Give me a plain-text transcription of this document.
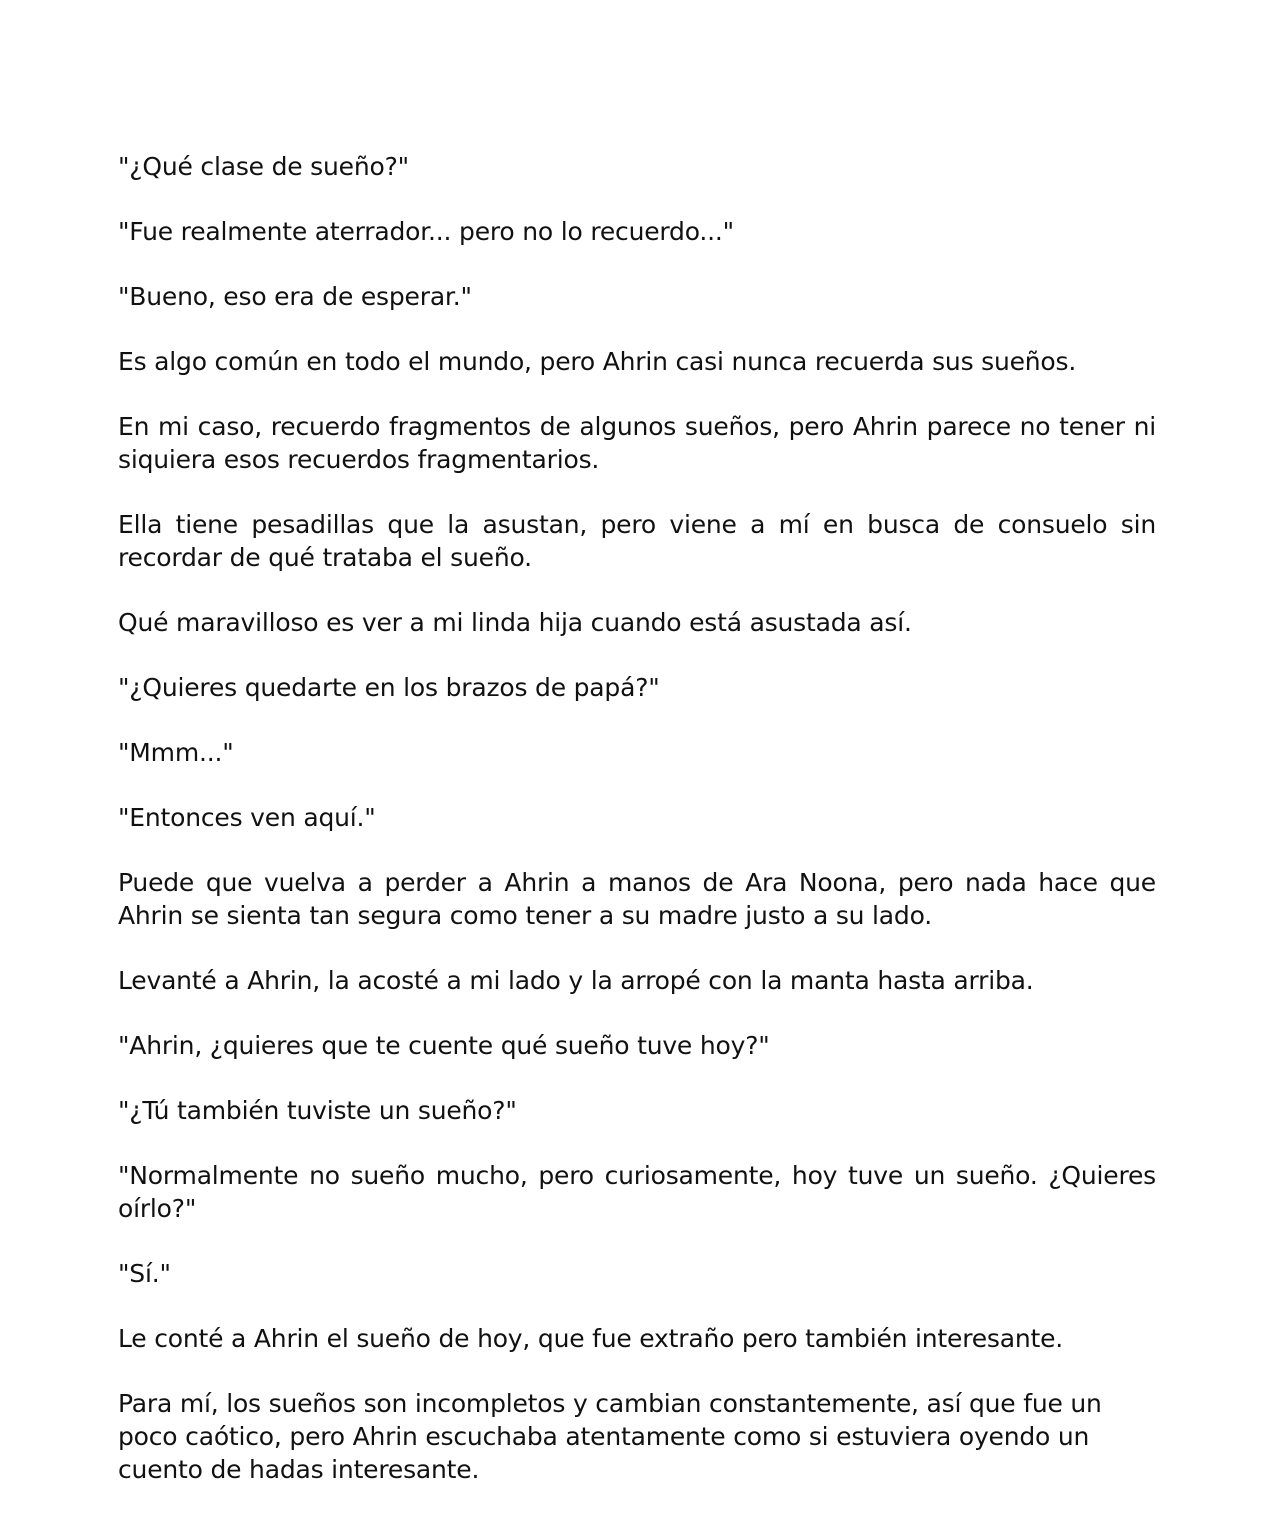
"¿Qué clase de sueño?"

"Fue realmente aterrador... pero no lo recuerdo..."

"Bueno, eso era de esperar."

Es algo común en todo el mundo, pero Ahrin casi nunca recuerda sus sueños.

En mi caso, recuerdo fragmentos de algunos sueños, pero Ahrin parece no tener ni siquiera esos recuerdos fragmentarios.

Ella tiene pesadillas que la asustan, pero viene a mí en busca de consuelo sin recordar de qué trataba el sueño.

Qué maravilloso es ver a mi linda hija cuando está asustada así.

"¿Quieres quedarte en los brazos de papá?"

"Mmm..."

"Entonces ven aquí."

Puede que vuelva a perder a Ahrin a manos de Ara Noona, pero nada hace que Ahrin se sienta tan segura como tener a su madre justo a su lado.

Levanté a Ahrin, la acosté a mi lado y la arropé con la manta hasta arriba.

"Ahrin, ¿quieres que te cuente qué sueño tuve hoy?"

"¿Tú también tuviste un sueño?"

"Normalmente no sueño mucho, pero curiosamente, hoy tuve un sueño. ¿Quieres oírlo?"

"Sí."

Le conté a Ahrin el sueño de hoy, que fue extraño pero también interesante.

Para mí, los sueños son incompletos y cambian constantemente, así que fue un poco caótico, pero Ahrin escuchaba atentamente como si estuviera oyendo un cuento de hadas interesante.
